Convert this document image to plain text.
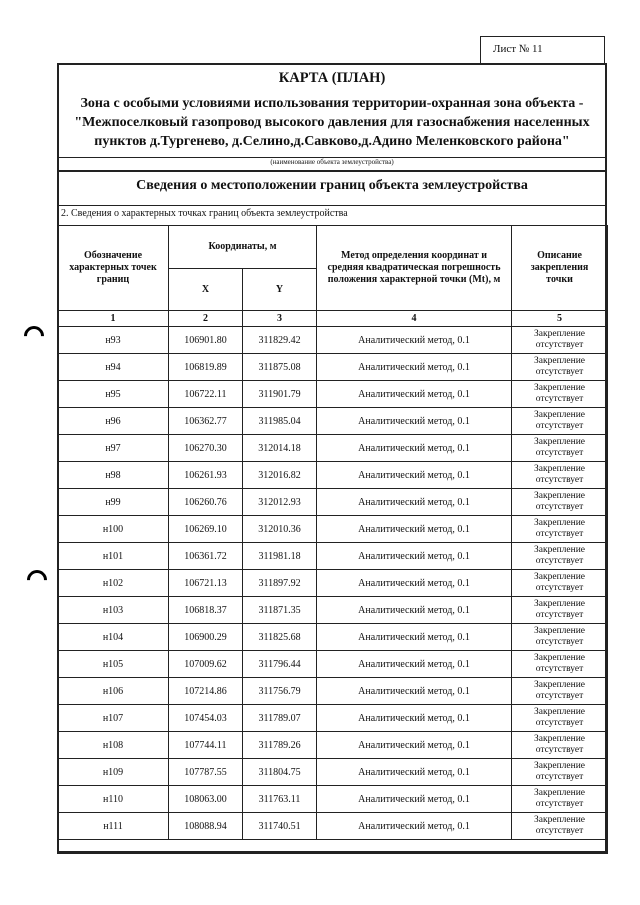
Лист № 11
КАРТА (ПЛАН)
Зона с особыми условиями использования территории-охранная зона объекта -"Межпоселковый газопровод высокого давления для газоснабжения населенных пунктов д.Тургенево, д.Селино,д.Савково,д.Адино Меленковского района"
(наименование объекта землеустройства)
Сведения о местоположении границ объекта землеустройства
2. Сведения о характерных точках границ объекта землеустройства
Обозначение характерных точек границ	Координаты, м		Метод определения координат и средняя квадратическая погрешность положения характерной точки (Mt), м	Описание закрепления точки
	X	Y		
1	2	3	4	5
н93	106901.80	311829.42	Аналитический метод, 0.1	Закрепление отсутствует
н94	106819.89	311875.08	Аналитический метод, 0.1	Закрепление отсутствует
н95	106722.11	311901.79	Аналитический метод, 0.1	Закрепление отсутствует
н96	106362.77	311985.04	Аналитический метод, 0.1	Закрепление отсутствует
н97	106270.30	312014.18	Аналитический метод, 0.1	Закрепление отсутствует
н98	106261.93	312016.82	Аналитический метод, 0.1	Закрепление отсутствует
н99	106260.76	312012.93	Аналитический метод, 0.1	Закрепление отсутствует
н100	106269.10	312010.36	Аналитический метод, 0.1	Закрепление отсутствует
н101	106361.72	311981.18	Аналитический метод, 0.1	Закрепление отсутствует
н102	106721.13	311897.92	Аналитический метод, 0.1	Закрепление отсутствует
н103	106818.37	311871.35	Аналитический метод, 0.1	Закрепление отсутствует
н104	106900.29	311825.68	Аналитический метод, 0.1	Закрепление отсутствует
н105	107009.62	311796.44	Аналитический метод, 0.1	Закрепление отсутствует
н106	107214.86	311756.79	Аналитический метод, 0.1	Закрепление отсутствует
н107	107454.03	311789.07	Аналитический метод, 0.1	Закрепление отсутствует
н108	107744.11	311789.26	Аналитический метод, 0.1	Закрепление отсутствует
н109	107787.55	311804.75	Аналитический метод, 0.1	Закрепление отсутствует
н110	108063.00	311763.11	Аналитический метод, 0.1	Закрепление отсутствует
н111	108088.94	311740.51	Аналитический метод, 0.1	Закрепление отсутствует
